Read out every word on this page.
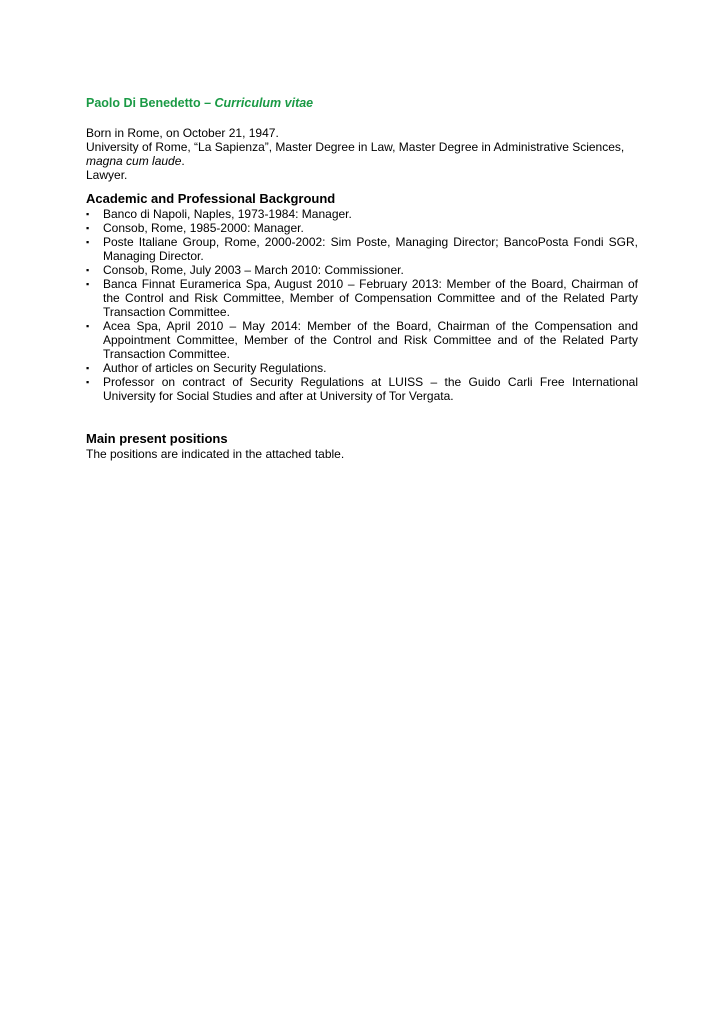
Paolo Di Benedetto – Curriculum vitae

Born in Rome, on October 21, 1947.

University of Rome, “La Sapienza”, Master Degree in Law, Master Degree in Administrative Sciences, magna cum laude.

Lawyer.

Academic and Professional Background
▪ Banco di Napoli, Naples, 1973-1984: Manager.
▪ Consob, Rome, 1985-2000: Manager.
▪ Poste Italiane Group, Rome, 2000-2002: Sim Poste, Managing Director; BancoPosta Fondi SGR, Managing Director.
▪ Consob, Rome, July 2003 – March 2010: Commissioner.
▪ Banca Finnat Euramerica Spa, August 2010 – February 2013: Member of the Board, Chairman of the Control and Risk Committee, Member of Compensation Committee and of the Related Party Transaction Committee.
▪ Acea Spa, April 2010 – May 2014: Member of the Board, Chairman of the Compensation and Appointment Committee, Member of the Control and Risk Committee and of the Related Party Transaction Committee.
▪ Author of articles on Security Regulations.
▪ Professor on contract of Security Regulations at LUISS – the Guido Carli Free International University for Social Studies and after at University of Tor Vergata.
Main present positions

The positions are indicated in the attached table.
